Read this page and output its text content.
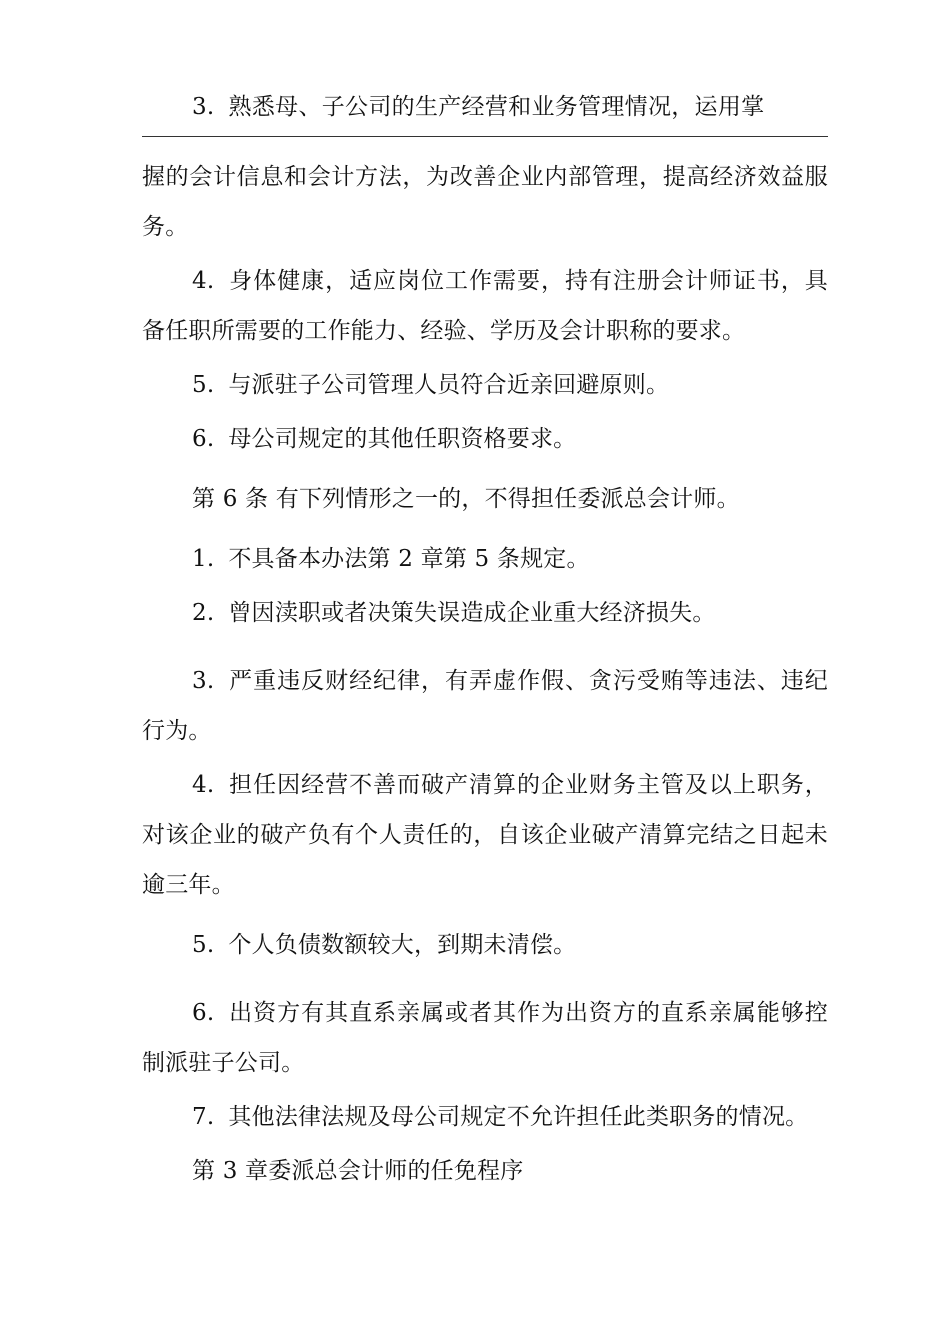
3. 熟悉母、子公司的生产经营和业务管理情况，运用掌

握的会计信息和会计方法，为改善企业内部管理，提高经济效益服务。

4. 身体健康，适应岗位工作需要，持有注册会计师证书，具备任职所需要的工作能力、经验、学历及会计职称的要求。

5. 与派驻子公司管理人员符合近亲回避原则。

6. 母公司规定的其他任职资格要求。

第 6 条 有下列情形之一的，不得担任委派总会计师。

1. 不具备本办法第 2 章第 5 条规定。

2. 曾因渎职或者决策失误造成企业重大经济损失。

3. 严重违反财经纪律，有弄虚作假、贪污受贿等违法、违纪行为。

4. 担任因经营不善而破产清算的企业财务主管及以上职务，对该企业的破产负有个人责任的，自该企业破产清算完结之日起未逾三年。

5. 个人负债数额较大，到期未清偿。

6. 出资方有其直系亲属或者其作为出资方的直系亲属能够控制派驻子公司。

7. 其他法律法规及母公司规定不允许担任此类职务的情况。

第 3 章委派总会计师的任免程序
